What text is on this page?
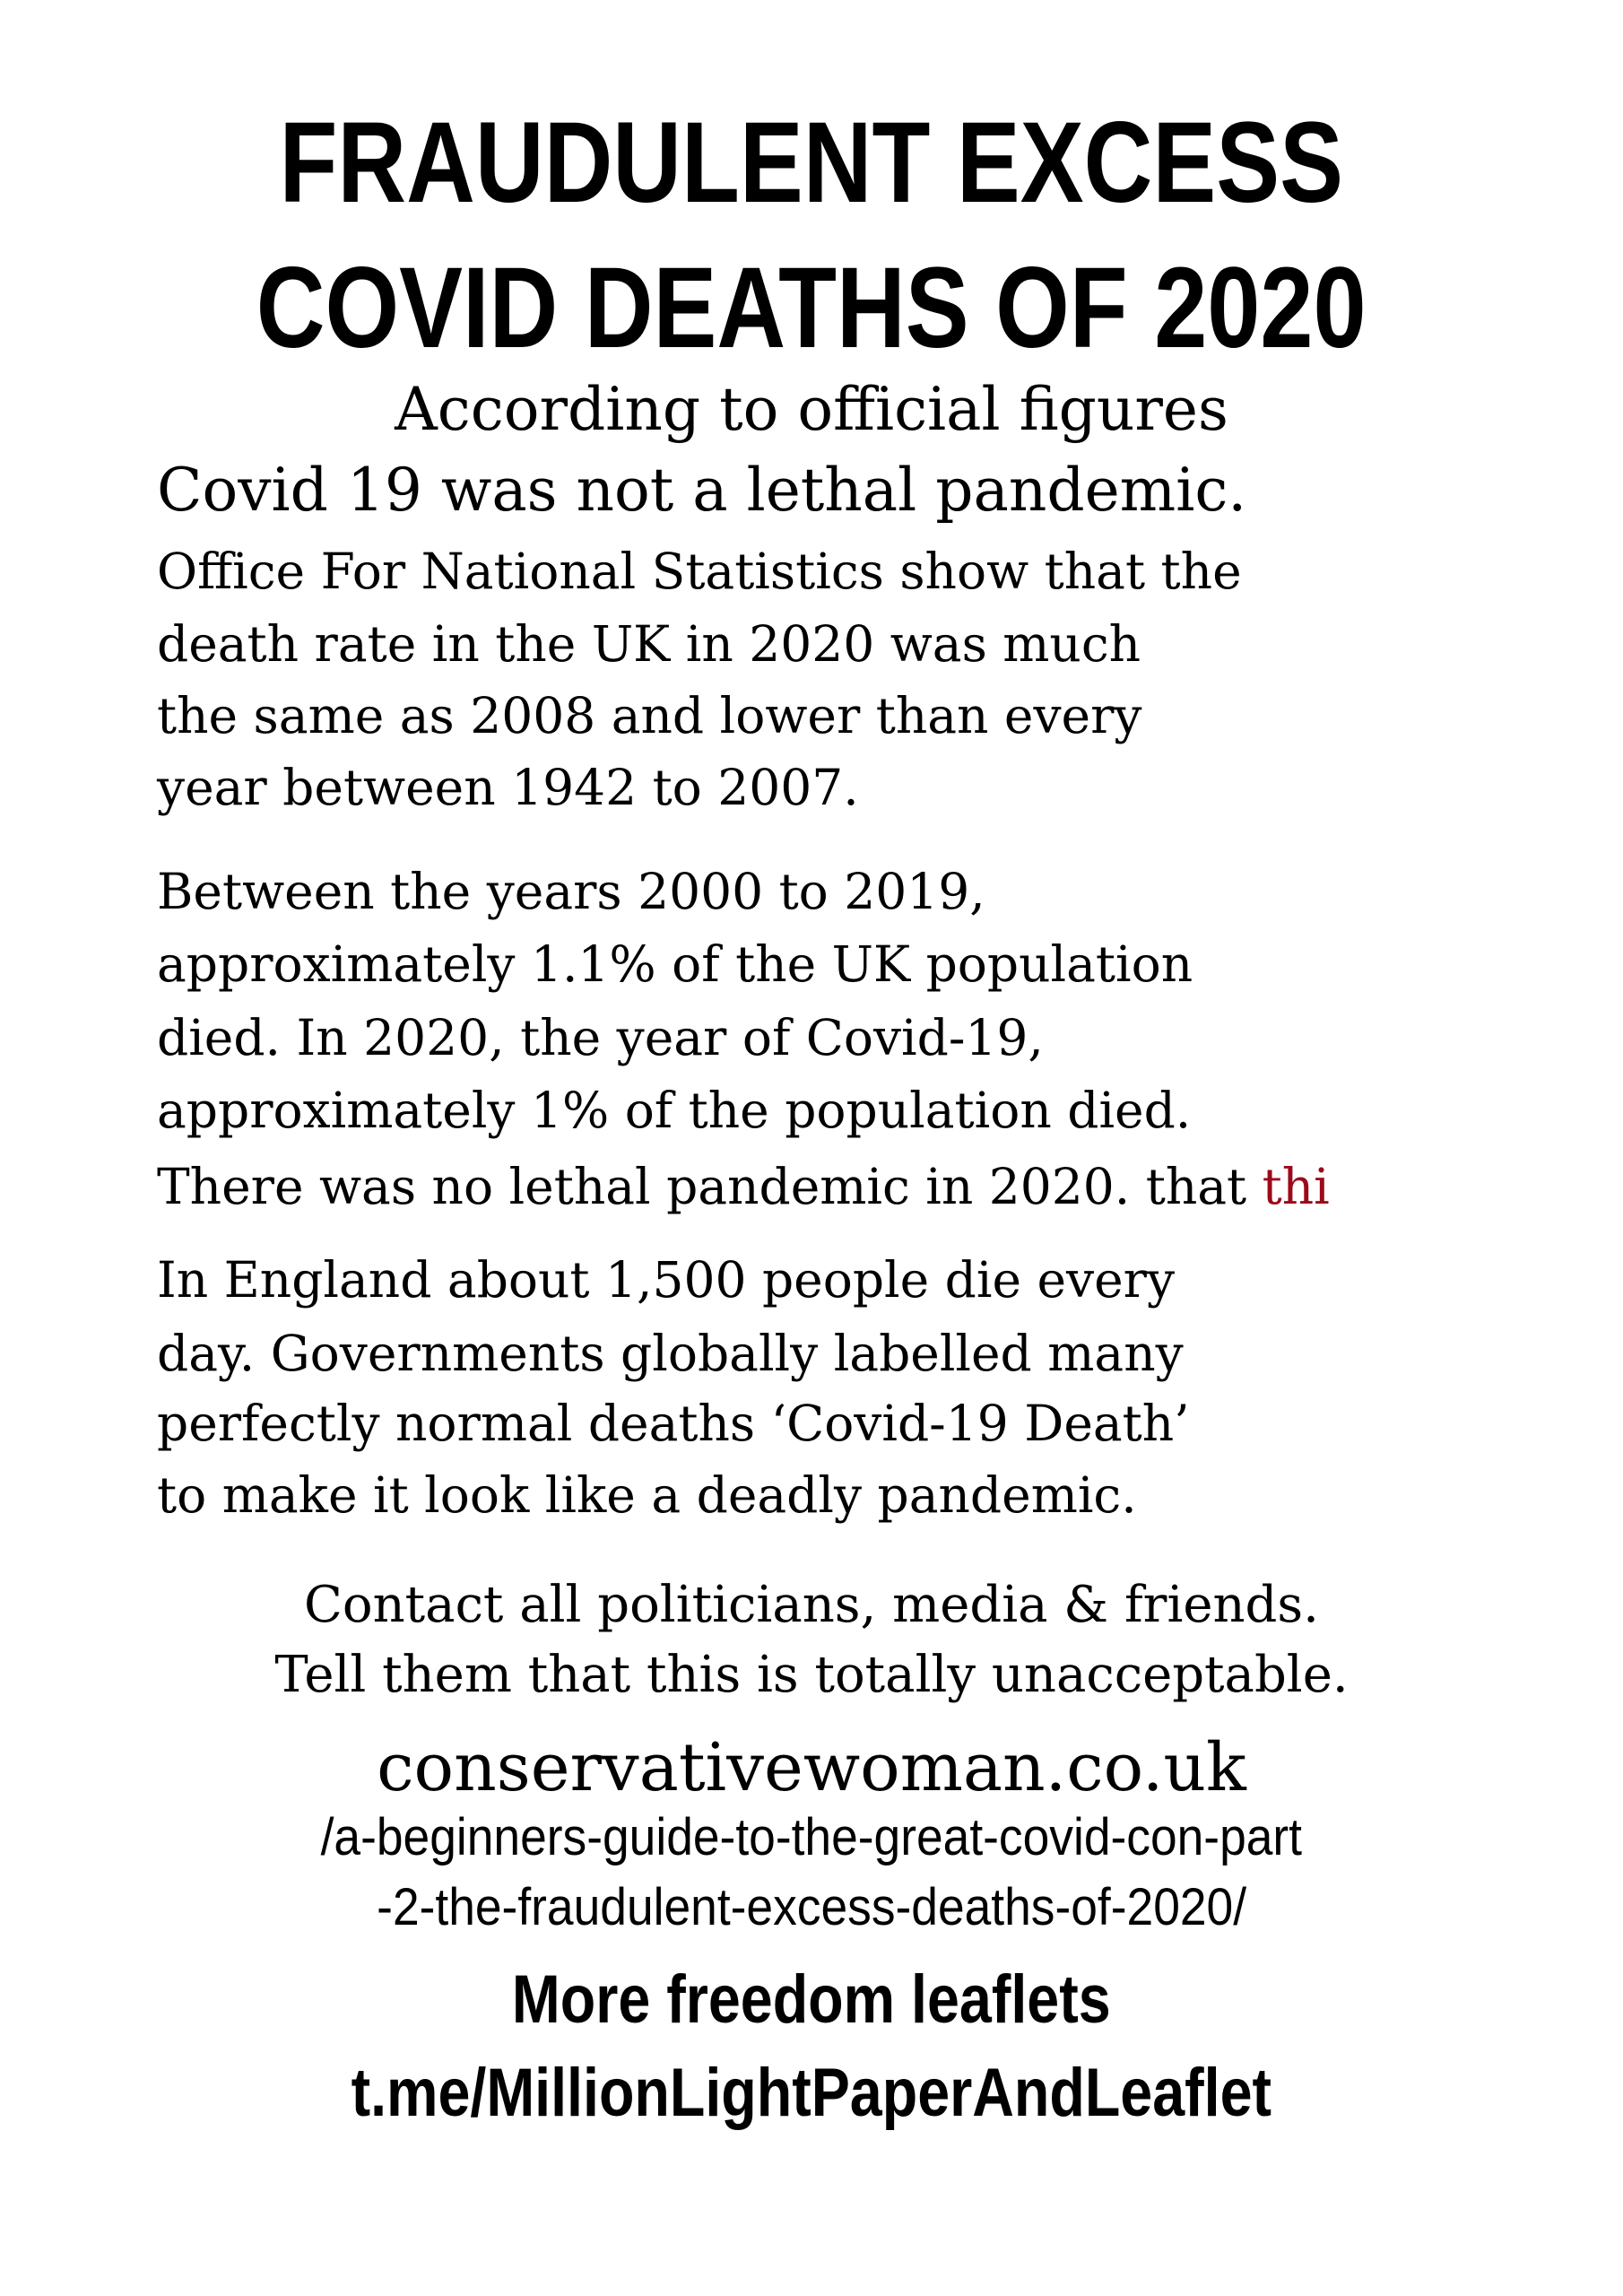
FRAUDULENT EXCESS
COVID DEATHS OF 2020
According to official figures
Covid 19 was not a lethal pandemic.
Office For National Statistics show that the
death rate in the UK in 2020 was much
the same as 2008 and lower than every
year between 1942 to 2007.
Between the years 2000 to 2019,
approximately 1.1% of the UK population
died. In 2020, the year of Covid-19,
approximately 1% of the population died.
There was no lethal pandemic in 2020. that thi
In England about 1,500 people die every
day. Governments globally labelled many
perfectly normal deaths ‘Covid-19 Death’
to make it look like a deadly pandemic.
Contact all politicians, media & friends.
Tell them that this is totally unacceptable.
conservativewoman.co.uk
/a-beginners-guide-to-the-great-covid-con-part
-2-the-fraudulent-excess-deaths-of-2020/
More freedom leaflets
t.me/MillionLightPaperAndLeaflet
